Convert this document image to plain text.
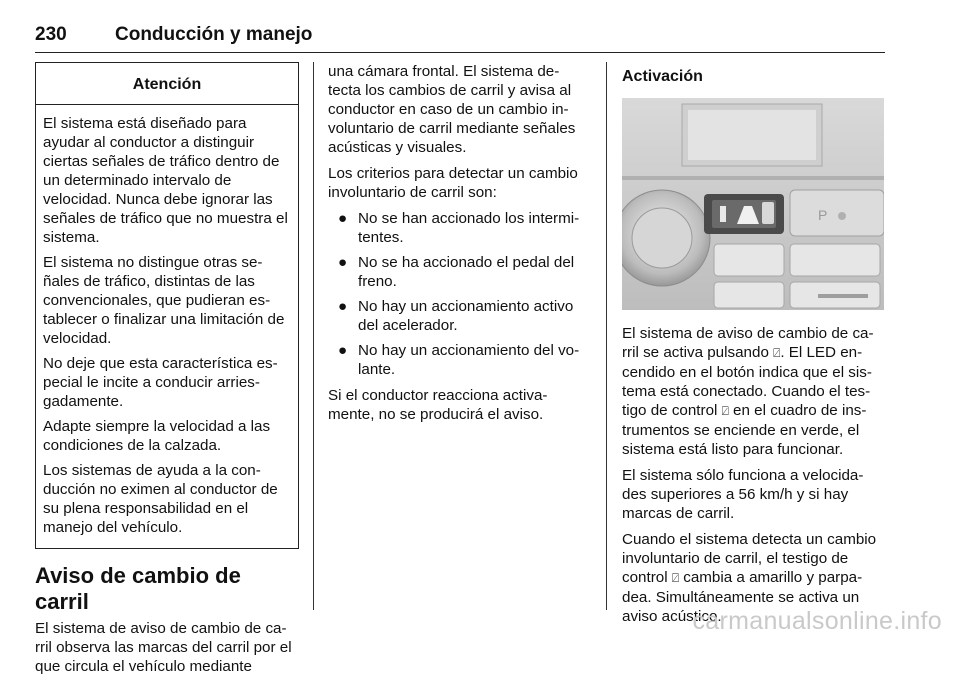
230	Conducción y manejo
Atención

El sistema está diseñado para ayudar al conductor a distinguir ciertas señales de tráfico dentro de un determinado intervalo de velocidad. Nunca debe ignorar las señales de tráfico que no muestra el sistema.

El sistema no distingue otras se-ñales de tráfico, distintas de las convencionales, que pudieran es-tablecer o finalizar una limitación de velocidad.

No deje que esta característica es-pecial le incite a conducir arries-gadamente.

Adapte siempre la velocidad a las condiciones de la calzada.

Los sistemas de ayuda a la con-ducción no eximen al conductor de su plena responsabilidad en el manejo del vehículo.

Aviso de cambio de carril

El sistema de aviso de cambio de ca-rril observa las marcas del carril por el que circula el vehículo mediante

una cámara frontal. El sistema de-tecta los cambios de carril y avisa al conductor en caso de un cambio in-voluntario de carril mediante señales acústicas y visuales.

Los criterios para detectar un cambio involuntario de carril son:

● No se han accionado los intermi-tentes.
● No se ha accionado el pedal del freno.
● No hay un accionamiento activo del acelerador.
● No hay un accionamiento del vo-lante.

Si el conductor reacciona activa-mente, no se producirá el aviso.

Activación
P

El sistema de aviso de cambio de ca-rril se activa pulsando ⍁. El LED en-cendido en el botón indica que el sis-tema está conectado. Cuando el tes-tigo de control ⍁ en el cuadro de ins-trumentos se enciende en verde, el sistema está listo para funcionar.

El sistema sólo funciona a velocida-des superiores a 56 km/h y si hay marcas de carril.

Cuando el sistema detecta un cambio involuntario de carril, el testigo de control ⍁ cambia a amarillo y parpa-dea. Simultáneamente se activa un aviso acústico.

carmanualsonline.info
